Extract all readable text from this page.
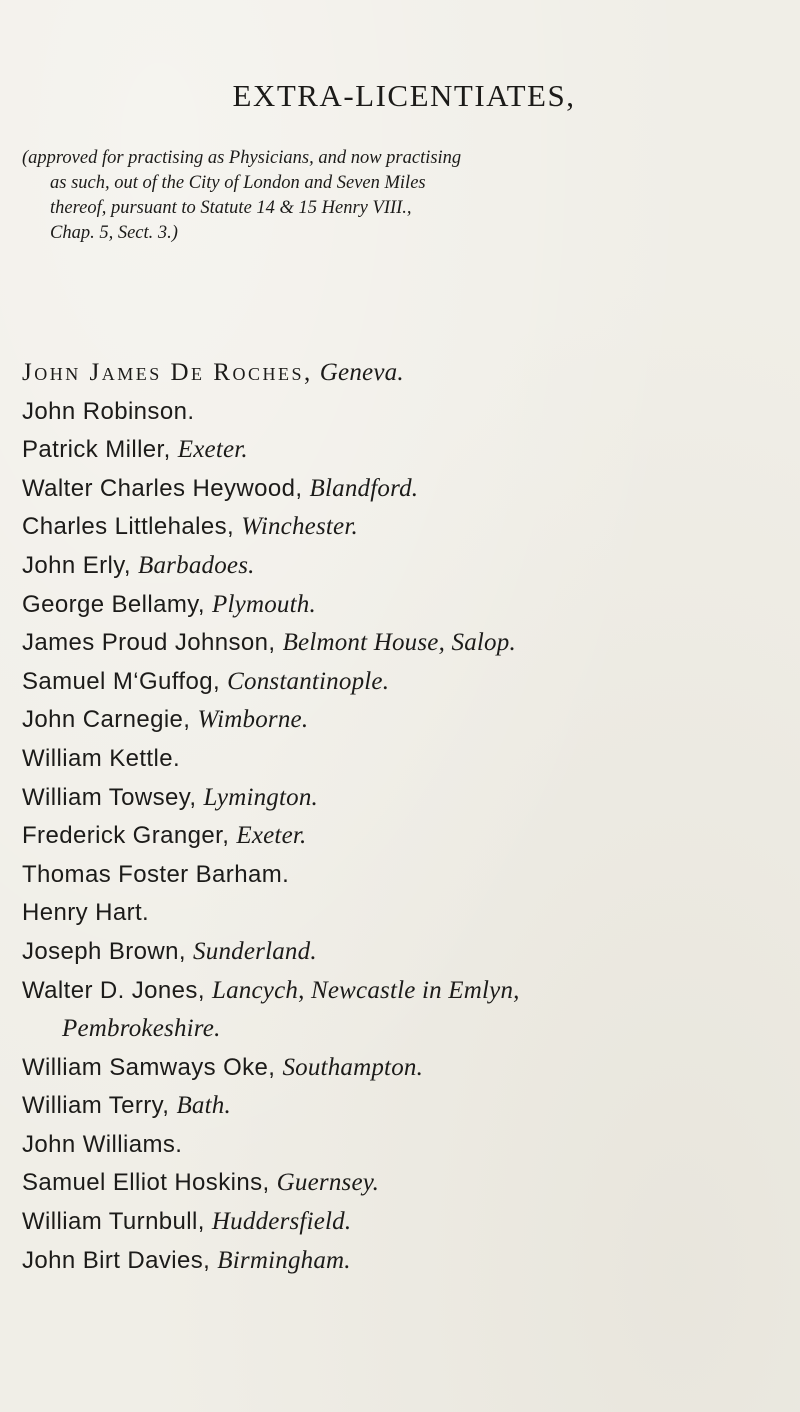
EXTRA-LICENTIATES,
(approved for practising as Physicians, and now practising
as such, out of the City of London and Seven Miles
thereof, pursuant to Statute 14 & 15 Henry VIII.,
Chap. 5, Sect. 3.)
John James De Roches, Geneva.
John Robinson.
Patrick Miller, Exeter.
Walter Charles Heywood, Blandford.
Charles Littlehales, Winchester.
John Erly, Barbadoes.
George Bellamy, Plymouth.
James Proud Johnson, Belmont House, Salop.
Samuel M‘Guffog, Constantinople.
John Carnegie, Wimborne.
William Kettle.
William Towsey, Lymington.
Frederick Granger, Exeter.
Thomas Foster Barham.
Henry Hart.
Joseph Brown, Sunderland.
Walter D. Jones, Lancych, Newcastle in Emlyn,
Pembrokeshire.
William Samways Oke, Southampton.
William Terry, Bath.
John Williams.
Samuel Elliot Hoskins, Guernsey.
William Turnbull, Huddersfield.
John Birt Davies, Birmingham.
